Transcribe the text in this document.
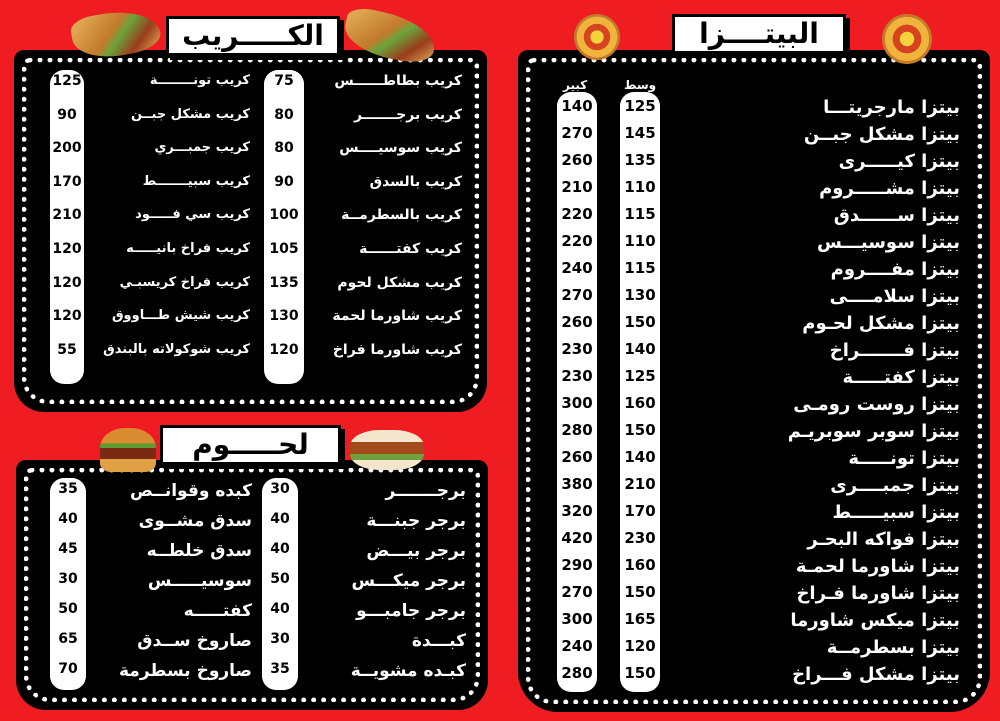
الكـــــريب
125	كريب تونــــــــة
90	كريب مشكل جبــن
200	كريب جمبـــري
170	كريب سبيـــــــط
210	كريب سي فـــــود
120	كريب فراخ بانيـــــه
120	كريب فراخ كريسبـي
120	كريب شيش طـــاووق
55	كريب شوكولاته بالبندق
75	كريب بطاطــــــس
80	كريب برجـــــــر
80	كريب سوسيــــس
90	كريب بالسدق
100	كريب بالسطرمــة
105	كريب كفتــــــة
135	كريب مشكل لحوم
130	كريب شاورما لحمة
120	كريب شاورما فراخ
لحـــــوم
35	كبده وقوانــص
40	سدق مشــوى
45	سدق خلطــه
30	سوسيـــــس
50	كفتـــــه
65	صاروخ ســدق
70	صاروخ بسطرمة
30	برجـــــــر
40	برجر جبنـــة
40	برجر بيـــض
50	برجر ميكـــس
40	برجر جامبـــو
30	كبـــدة
35	كبـده مشويــة
البيتــــزا
كبير	وسط
140 125	بيتزا مارجريتـــا
270 145	بيتزا مشكل جبــن
260 135	بيتزا كيـــــرى
210 110	بيتزا مشـــــروم
220 115	بيتزا ســــــدق
220 110	بيتزا سوسيـــس
240 115	بيتزا مفــــروم
270 130	بيتزا سلامــــى
260 150	بيتزا مشكل لحـوم
230 140	بيتزا فـــــــراخ
230 125	بيتزا كفتـــــة
300 160	بيتزا روست رومـى
280 150	بيتزا سوبر سوبريـم
260 140	بيتزا تونـــــة
380 210	بيتزا جمبــــرى
320 170	بيتزا سبيـــــط
420 230	بيتزا فواكه البحـر
290 160	بيتزا شاورما لحمـة
270 150	بيتزا شاورما فـراخ
300 165	بيتزا ميكس شاورما
240 120	بيتزا بسطرمــة
280 150	بيتزا مشكل فـــراخ
